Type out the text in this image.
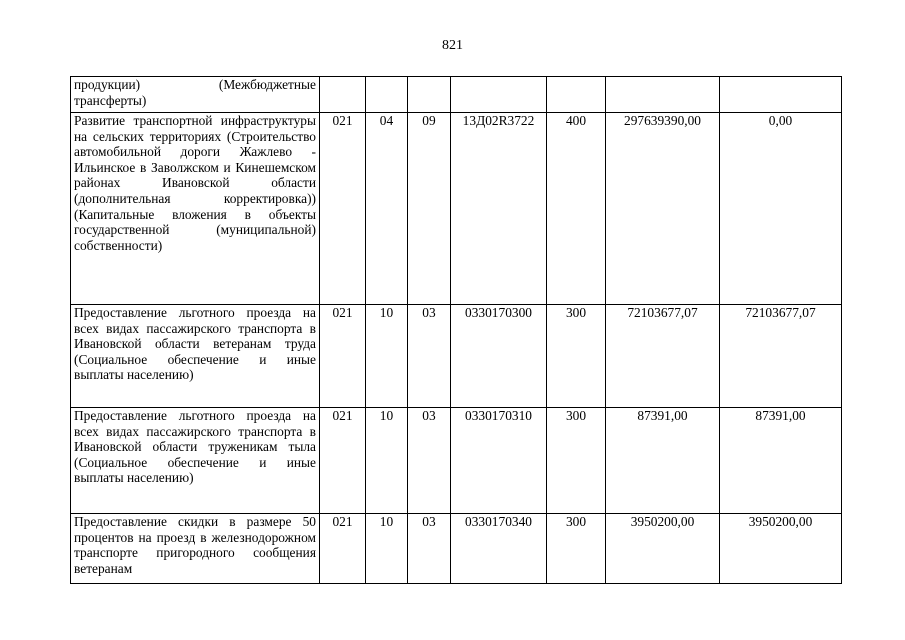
821
продукции) (Межбюджетные трансферты)							
Развитие транспортной инфраструктуры на сельских территориях (Строительство автомобильной дороги Жажлево - Ильинское в Заволжском и Кинешемском районах Ивановской области (дополнительная корректировка)) (Капитальные вложения в объекты государственной (муниципальной) собственности)	021	04	09	13Д02R3722	400	297639390,00	0,00
Предоставление льготного проезда на всех видах пассажирского транспорта в Ивановской области ветеранам труда (Социальное обеспечение и иные выплаты населению)	021	10	03	0330170300	300	72103677,07	72103677,07
Предоставление льготного проезда на всех видах пассажирского транспорта в Ивановской области труженикам тыла (Социальное обеспечение и иные выплаты населению)	021	10	03	0330170310	300	87391,00	87391,00
Предоставление скидки в размере 50 процентов на проезд в железнодорожном транспорте пригородного сообщения ветеранам	021	10	03	0330170340	300	3950200,00	3950200,00
